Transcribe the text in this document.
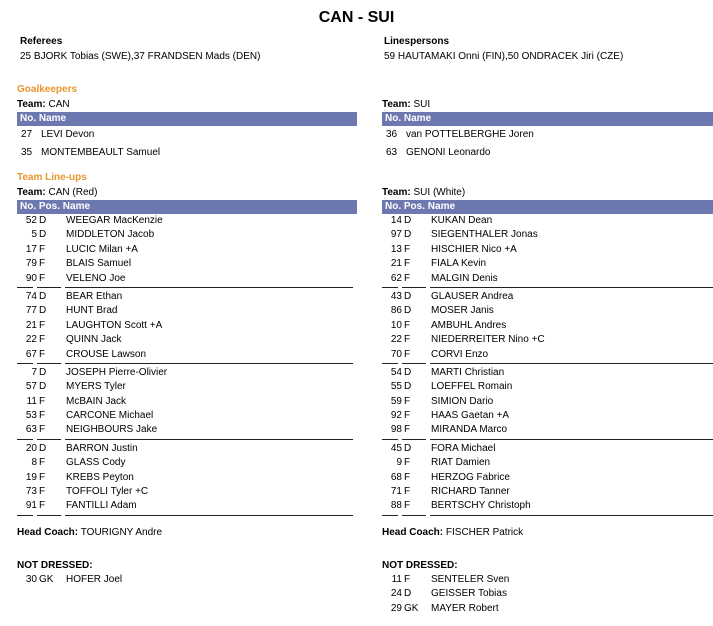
CAN - SUI
Referees
25 BJORK Tobias (SWE),37 FRANDSEN Mads (DEN)
Linespersons
59 HAUTAMAKI Onni (FIN),50 ONDRACEK Jiri (CZE)
Goalkeepers
Team: CAN
No. Name
27 LEVI Devon
35 MONTEMBEAULT Samuel
Team: SUI
No. Name
36 van POTTELBERGHE Joren
63 GENONI Leonardo
Team Line-ups
Team: CAN (Red)
No. Pos. Name
52 D WEEGAR MacKenzie
5 D MIDDLETON Jacob
17 F LUCIC Milan +A
79 F BLAIS Samuel
90 F VELENO Joe
74 D BEAR Ethan
77 D HUNT Brad
21 F LAUGHTON Scott +A
22 F QUINN Jack
67 F CROUSE Lawson
7 D JOSEPH Pierre-Olivier
57 D MYERS Tyler
11 F McBAIN Jack
53 F CARCONE Michael
63 F NEIGHBOURS Jake
20 D BARRON Justin
8 F GLASS Cody
19 F KREBS Peyton
73 F TOFFOLI Tyler +C
91 F FANTILLI Adam
Head Coach: TOURIGNY Andre
Team: SUI (White)
No. Pos. Name
14 D KUKAN Dean
97 D SIEGENTHALER Jonas
13 F HISCHIER Nico +A
21 F FIALA Kevin
62 F MALGIN Denis
43 D GLAUSER Andrea
86 D MOSER Janis
10 F AMBUHL Andres
22 F NIEDERREITER Nino +C
70 F CORVI Enzo
54 D MARTI Christian
55 D LOEFFEL Romain
59 F SIMION Dario
92 F HAAS Gaetan +A
98 F MIRANDA Marco
45 D FORA Michael
9 F RIAT Damien
68 F HERZOG Fabrice
71 F RICHARD Tanner
88 F BERTSCHY Christoph
Head Coach: FISCHER Patrick
NOT DRESSED:
30 GK HOFER Joel
NOT DRESSED:
11 F SENTELER Sven
24 D GEISSER Tobias
29 GK MAYER Robert
